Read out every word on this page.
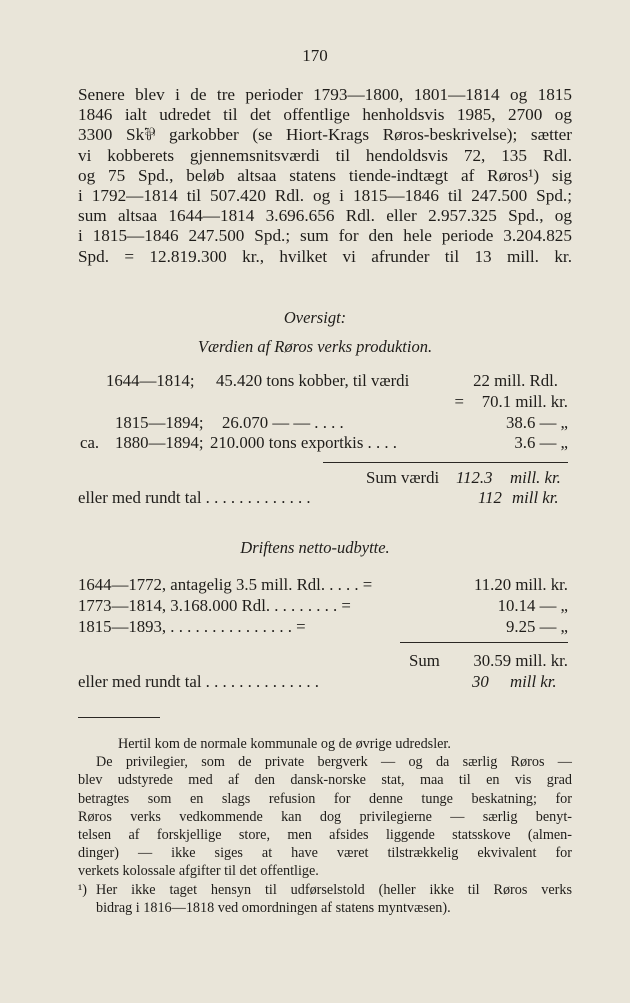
170
Senere blev i de tre perioder 1793—1800, 1801—1814 og 1815
1846 ialt udredet til det offentlige henholdsvis 1985, 2700 og
3300 Sk⅌ garkobber (se Hiort-Krags Røros-beskrivelse); sætter
vi kobberets gjennemsnitsværdi til hendoldsvis 72, 135 Rdl.
og 75 Spd., beløb altsaa statens tiende-indtægt af Røros¹) sig
i 1792—1814 til 507.420 Rdl. og i 1815—1846 til 247.500 Spd.;
sum altsaa 1644—1814 3.696.656 Rdl. eller 2.957.325 Spd., og
i 1815—1846 247.500 Spd.; sum for den hele periode 3.204.825
Spd. = 12.819.300 kr., hvilket vi afrunder til 13 mill. kr.
Oversigt:
Værdien af Røros verks produktion.
1644—1814; 45.420 tons kobber, til værdi	22 mill. Rdl.
= 70.1 mill. kr.
1815—1894; 26.070 — — . . . .	38.6 — „
ca. 1880—1894; 210.000 tons exportkis . . . .	3.6 — „
Sum værdi 112.3 mill. kr.
eller med rundt tal . . . . . . . . . . . . .	112 mill kr.
Driftens netto-udbytte.
1644—1772, antagelig 3.5 mill. Rdl. . . . . =	11.20 mill. kr.
1773—1814, 3.168.000 Rdl. . . . . . . . . =	10.14 — „
1815—1893, . . . . . . . . . . . . . . . =	9.25 — „
Sum 30.59 mill. kr.
eller med rundt tal . . . . . . . . . . . . . .	30 mill kr.
Hertil kom de normale kommunale og de øvrige udredsler.
De privilegier, som de private bergverk — og da særlig Røros —
blev udstyrede med af den dansk-norske stat, maa til en vis grad
betragtes som en slags refusion for denne tunge beskatning; for
Røros verks vedkommende kan dog privilegierne — særlig benyt-
telsen af forskjellige store, men afsides liggende statsskove (almen-
dinger) — ikke siges at have været tilstrækkelig ekvivalent for
verkets kolossale afgifter til det offentlige.
¹) Her ikke taget hensyn til udførselstold (heller ikke til Røros verks
bidrag i 1816—1818 ved omordningen af statens myntvæsen).
